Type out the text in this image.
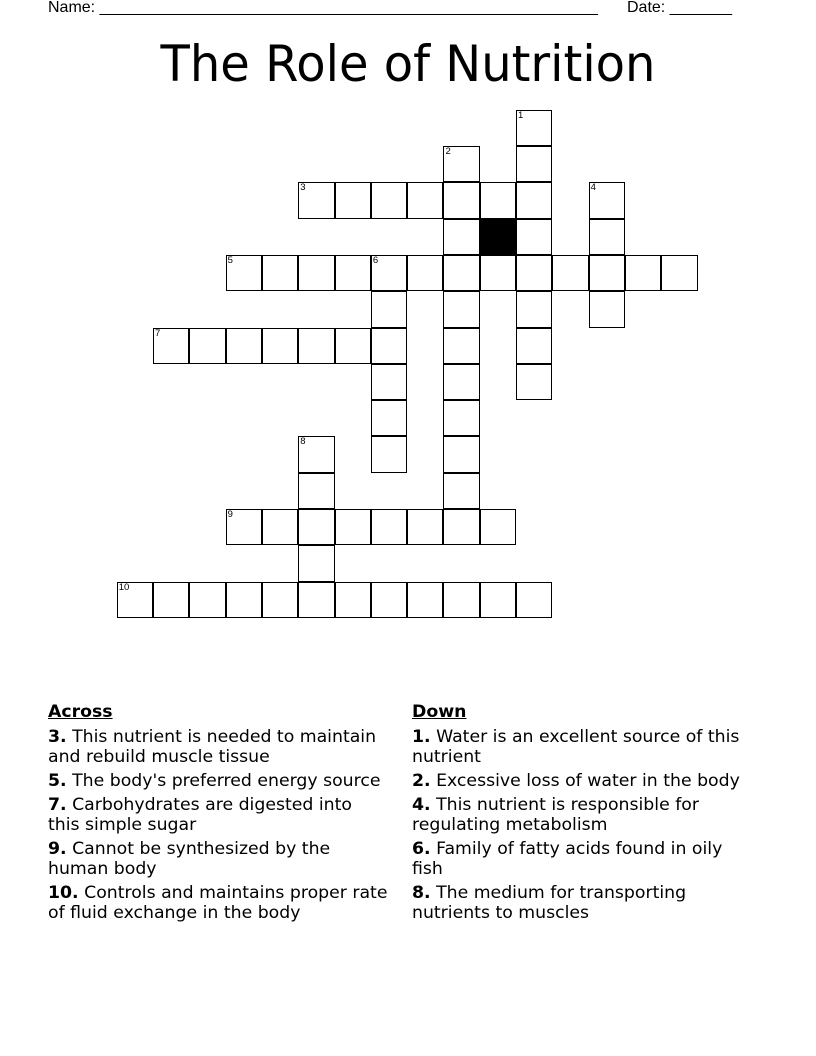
Name: ________________________________________________________ Date: _______
The Role of Nutrition
1
2
3	4
5	6
7
8
9
10
Across
3. This nutrient is needed to maintain and rebuild muscle tissue
5. The body's preferred energy source
7. Carbohydrates are digested into this simple sugar
9. Cannot be synthesized by the human body
10. Controls and maintains proper rate of fluid exchange in the body
Down
1. Water is an excellent source of this nutrient
2. Excessive loss of water in the body
4. This nutrient is responsible for regulating metabolism
6. Family of fatty acids found in oily fish
8. The medium for transporting nutrients to muscles
